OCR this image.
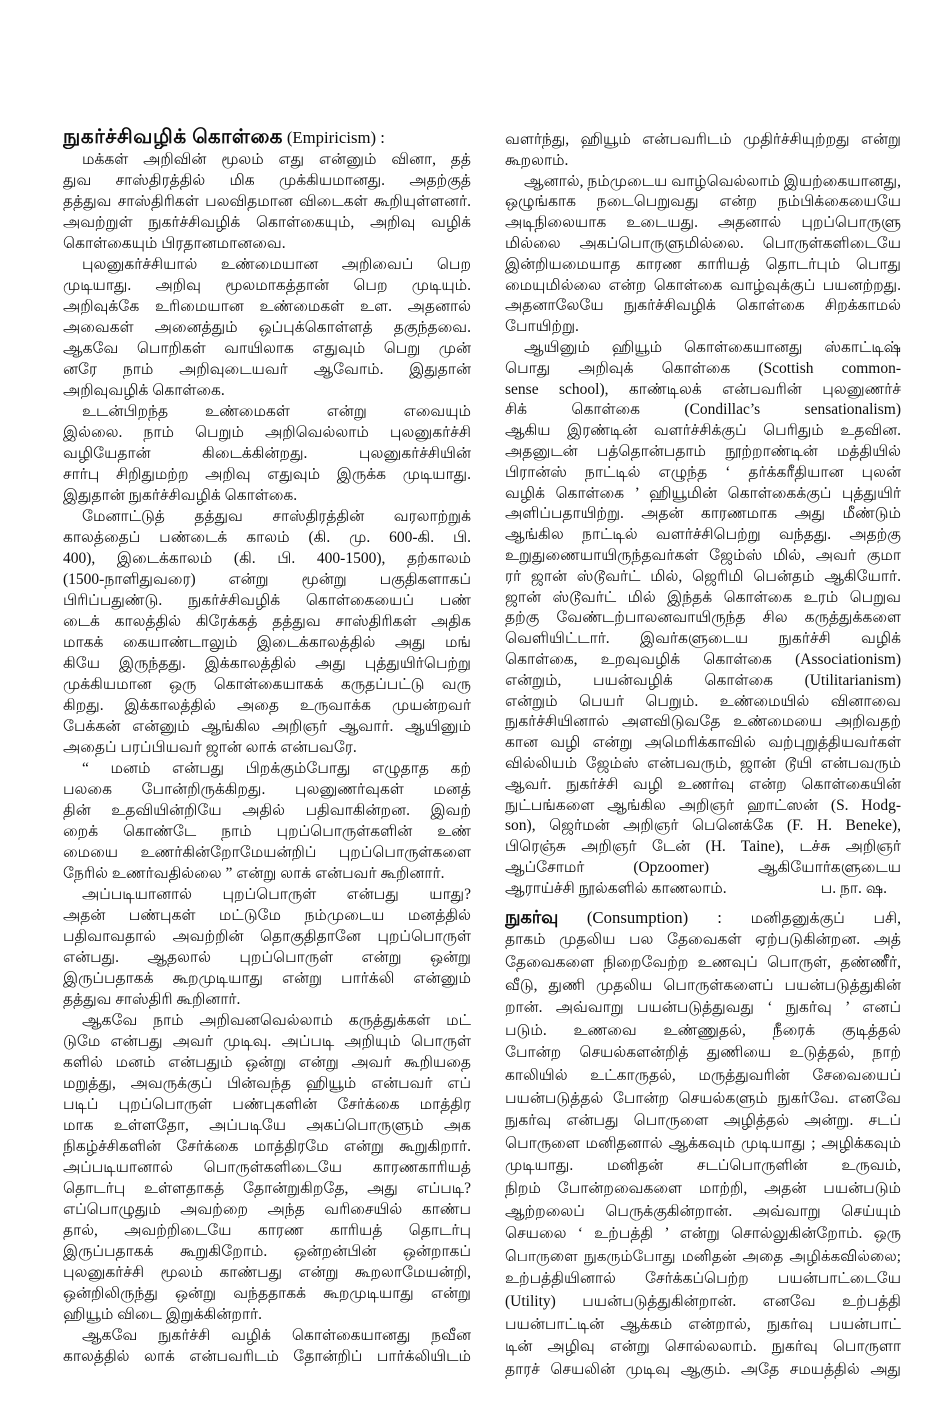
நுகர்ச்சிவழிக் கொள்கை (Empiricism) :
மக்கள் அறிவின் மூலம் எது என்னும் வினா, தத்
துவ சாஸ்திரத்தில் மிக முக்கியமானது. அதற்குத்
தத்துவ சாஸ்திரிகள் பலவிதமான விடைகள் கூறியுள்ளனர்.
அவற்றுள் நுகர்ச்சிவழிக் கொள்கையும், அறிவு வழிக்
கொள்கையும் பிரதானமானவை.
புலனுகர்ச்சியால் உண்மையான அறிவைப் பெற
முடியாது. அறிவு மூலமாகத்தான் பெற முடியும்.
அறிவுக்கே உரிமையான உண்மைகள் உள. அதனால்
அவைகள் அனைத்தும் ஒப்புக்கொள்ளத் தகுந்தவை.
ஆகவே பொறிகள் வாயிலாக எதுவும் பெறு முன்
னரே நாம் அறிவுடையவர் ஆவோம். இதுதான்
அறிவுவழிக் கொள்கை.
உடன்பிறந்த உண்மைகள் என்று எவையும்
இல்லை. நாம் பெறும் அறிவெல்லாம் புலனுகர்ச்சி
வழியேதான் கிடைக்கின்றது. புலனுகர்ச்சியின்
சார்பு சிறிதுமற்ற அறிவு எதுவும் இருக்க முடியாது.
இதுதான் நுகர்ச்சிவழிக் கொள்கை.
மேனாட்டுத் தத்துவ சாஸ்திரத்தின் வரலாற்றுக்
காலத்தைப் பண்டைக் காலம் (கி. மு. 600-கி. பி.
400), இடைக்காலம் (கி. பி. 400-1500), தற்காலம்
(1500-நாளிதுவரை) என்று மூன்று பகுதிகளாகப்
பிரிப்பதுண்டு. நுகர்ச்சிவழிக் கொள்கையைப் பண்
டைக் காலத்தில் கிரேக்கத் தத்துவ சாஸ்திரிகள் அதிக
மாகக் கையாண்டாலும் இடைக்காலத்தில் அது மங்
கியே இருந்தது. இக்காலத்தில் அது புத்துயிர்பெற்று
முக்கியமான ஒரு கொள்கையாகக் கருதப்பட்டு வரு
கிறது. இக்காலத்தில் அதை உருவாக்க முயன்றவர்
பேக்கன் என்னும் ஆங்கில அறிஞர் ஆவார். ஆயினும்
அதைப் பரப்பியவர் ஜான் லாக் என்பவரே.
“ மனம் என்பது பிறக்கும்போது எழுதாத கற்
பலகை போன்றிருக்கிறது. புலனுணர்வுகள் மனத்
தின் உதவியின்றியே அதில் பதிவாகின்றன. இவற்
றைக் கொண்டே நாம் புறப்பொருள்களின் உண்
மையை உணர்கின்றோமேயன்றிப் புறப்பொருள்களை
நேரில் உணர்வதில்லை ” என்று லாக் என்பவர் கூறினார்.
அப்படியானால் புறப்பொருள் என்பது யாது?
அதன் பண்புகள் மட்டுமே நம்முடைய மனத்தில்
பதிவாவதால் அவற்றின் தொகுதிதானே புறப்பொருள்
என்பது. ஆதலால் புறப்பொருள் என்று ஒன்று
இருப்பதாகக் கூறமுடியாது என்று பார்க்லி என்னும்
தத்துவ சாஸ்திரி கூறினார்.
ஆகவே நாம் அறிவனவெல்லாம் கருத்துக்கள் மட்
டுமே என்பது அவர் முடிவு. அப்படி அறியும் பொருள்
களில் மனம் என்பதும் ஒன்று என்று அவர் கூறியதை
மறுத்து, அவருக்குப் பின்வந்த ஹியூம் என்பவர் எப்
படிப் புறப்பொருள் பண்புகளின் சேர்க்கை மாத்திர
மாக உள்ளதோ, அப்படியே அகப்பொருளும் அக
நிகழ்ச்சிகளின் சேர்க்கை மாத்திரமே என்று கூறுகிறார்.
அப்படியானால் பொருள்களிடையே காரணகாரியத்
தொடர்பு உள்ளதாகத் தோன்றுகிறதே, அது எப்படி?
எப்பொழுதும் அவற்றை அந்த வரிசையில் காண்ப
தால், அவற்றிடையே காரண காரியத் தொடர்பு
இருப்பதாகக் கூறுகிறோம். ஒன்றன்பின் ஒன்றாகப்
புலனுகர்ச்சி மூலம் காண்பது என்று கூறலாமேயன்றி,
ஒன்றிலிருந்து ஒன்று வந்ததாகக் கூறமுடியாது என்று
ஹியூம் விடை இறுக்கின்றார்.
ஆகவே நுகர்ச்சி வழிக் கொள்கையானது நவீன
காலத்தில் லாக் என்பவரிடம் தோன்றிப் பார்க்லியிடம்
வளர்ந்து, ஹியூம் என்பவரிடம் முதிர்ச்சியுற்றது என்று
கூறலாம்.
ஆனால், நம்முடைய வாழ்வெல்லாம் இயற்கையானது,
ஒழுங்காக நடைபெறுவது என்ற நம்பிக்கையையே
அடிநிலையாக உடையது. அதனால் புறப்பொருளு
மில்லை அகப்பொருளுமில்லை. பொருள்களிடையே
இன்றியமையாத காரண காரியத் தொடர்பும் பொது
மையுமில்லை என்ற கொள்கை வாழ்வுக்குப் பயனற்றது.
அதனாலேயே நுகர்ச்சிவழிக் கொள்கை சிறக்காமல்
போயிற்று.
ஆயினும் ஹியூம் கொள்கையானது ஸ்காட்டிஷ்
பொது அறிவுக் கொள்கை (Scottish common-
sense school), காண்டிலக் என்பவரின் புலனுணர்ச்
சிக் கொள்கை (Condillac’s sensationalism)
ஆகிய இரண்டின் வளர்ச்சிக்குப் பெரிதும் உதவின.
அதனுடன் பத்தொன்பதாம் நூற்றாண்டின் மத்தியில்
பிரான்ஸ் நாட்டில் எழுந்த ‘ தர்க்கரீதியான புலன்
வழிக் கொள்கை ’ ஹியூமின் கொள்கைக்குப் புத்துயிர்
அளிப்பதாயிற்று. அதன் காரணமாக அது மீண்டும்
ஆங்கில நாட்டில் வளர்ச்சிபெற்று வந்தது. அதற்கு
உறுதுணையாயிருந்தவர்கள் ஜேம்ஸ் மில், அவர் குமா
ரர் ஜான் ஸ்டூவர்ட் மில், ஜெரிமி பென்தம் ஆகியோர்.
ஜான் ஸ்டூவர்ட் மில் இந்தக் கொள்கை உரம் பெறுவ
தற்கு வேண்டற்பாலனவாயிருந்த சில கருத்துக்களை
வெளியிட்டார். இவர்களுடைய நுகர்ச்சி வழிக்
கொள்கை, உறவுவழிக் கொள்கை (Associationism)
என்றும், பயன்வழிக் கொள்கை (Utilitarianism)
என்றும் பெயர் பெறும். உண்மையில் வினாவை
நுகர்ச்சியினால் அளவிடுவதே உண்மையை அறிவதற்
கான வழி என்று அமெரிக்காவில் வற்புறுத்தியவர்கள்
வில்லியம் ஜேம்ஸ் என்பவரும், ஜான் டூயி என்பவரும்
ஆவர். நுகர்ச்சி வழி உணர்வு என்ற கொள்கையின்
நுட்பங்களை ஆங்கில அறிஞர் ஹாட்ஸன் (S. Hodg-
son), ஜெர்மன் அறிஞர் பெனெக்கே (F. H. Beneke),
பிரெஞ்சு அறிஞர் டேன் (H. Taine), டச்சு அறிஞர்
ஆப்சோமர் (Opzoomer) ஆகியோர்களுடைய
ஆராய்ச்சி நூல்களில் காணலாம்.	ப. நா. ஷ.
நுகர்வு (Consumption) : மனிதனுக்குப் பசி,
தாகம் முதலிய பல தேவைகள் ஏற்படுகின்றன. அத்
தேவைகளை நிறைவேற்ற உணவுப் பொருள், தண்ணீர்,
வீடு, துணி முதலிய பொருள்களைப் பயன்படுத்துகின்
றான். அவ்வாறு பயன்படுத்துவது ‘ நுகர்வு ’ எனப்
படும். உணவை உண்ணுதல், நீரைக் குடித்தல்
போன்ற செயல்களன்றித் துணியை உடுத்தல், நாற்
காலியில் உட்காருதல், மருத்துவரின் சேவையைப்
பயன்படுத்தல் போன்ற செயல்களும் நுகர்வே. எனவே
நுகர்வு என்பது பொருளை அழித்தல் அன்று. சடப்
பொருளை மனிதனால் ஆக்கவும் முடியாது ; அழிக்கவும்
முடியாது. மனிதன் சடப்பொருளின் உருவம்,
நிறம் போன்றவைகளை மாற்றி, அதன் பயன்படும்
ஆற்றலைப் பெருக்குகின்றான். அவ்வாறு செய்யும்
செயலை ‘ உற்பத்தி ’ என்று சொல்லுகின்றோம். ஒரு
பொருளை நுகரும்போது மனிதன் அதை அழிக்கவில்லை;
உற்பத்தியினால் சேர்க்கப்பெற்ற பயன்பாட்டையே
(Utility) பயன்படுத்துகின்றான். எனவே உற்பத்தி
பயன்பாட்டின் ஆக்கம் என்றால், நுகர்வு பயன்பாட்
டின் அழிவு என்று சொல்லலாம். நுகர்வு பொருளா
தாரச் செயலின் முடிவு ஆகும். அதே சமயத்தில் அது
